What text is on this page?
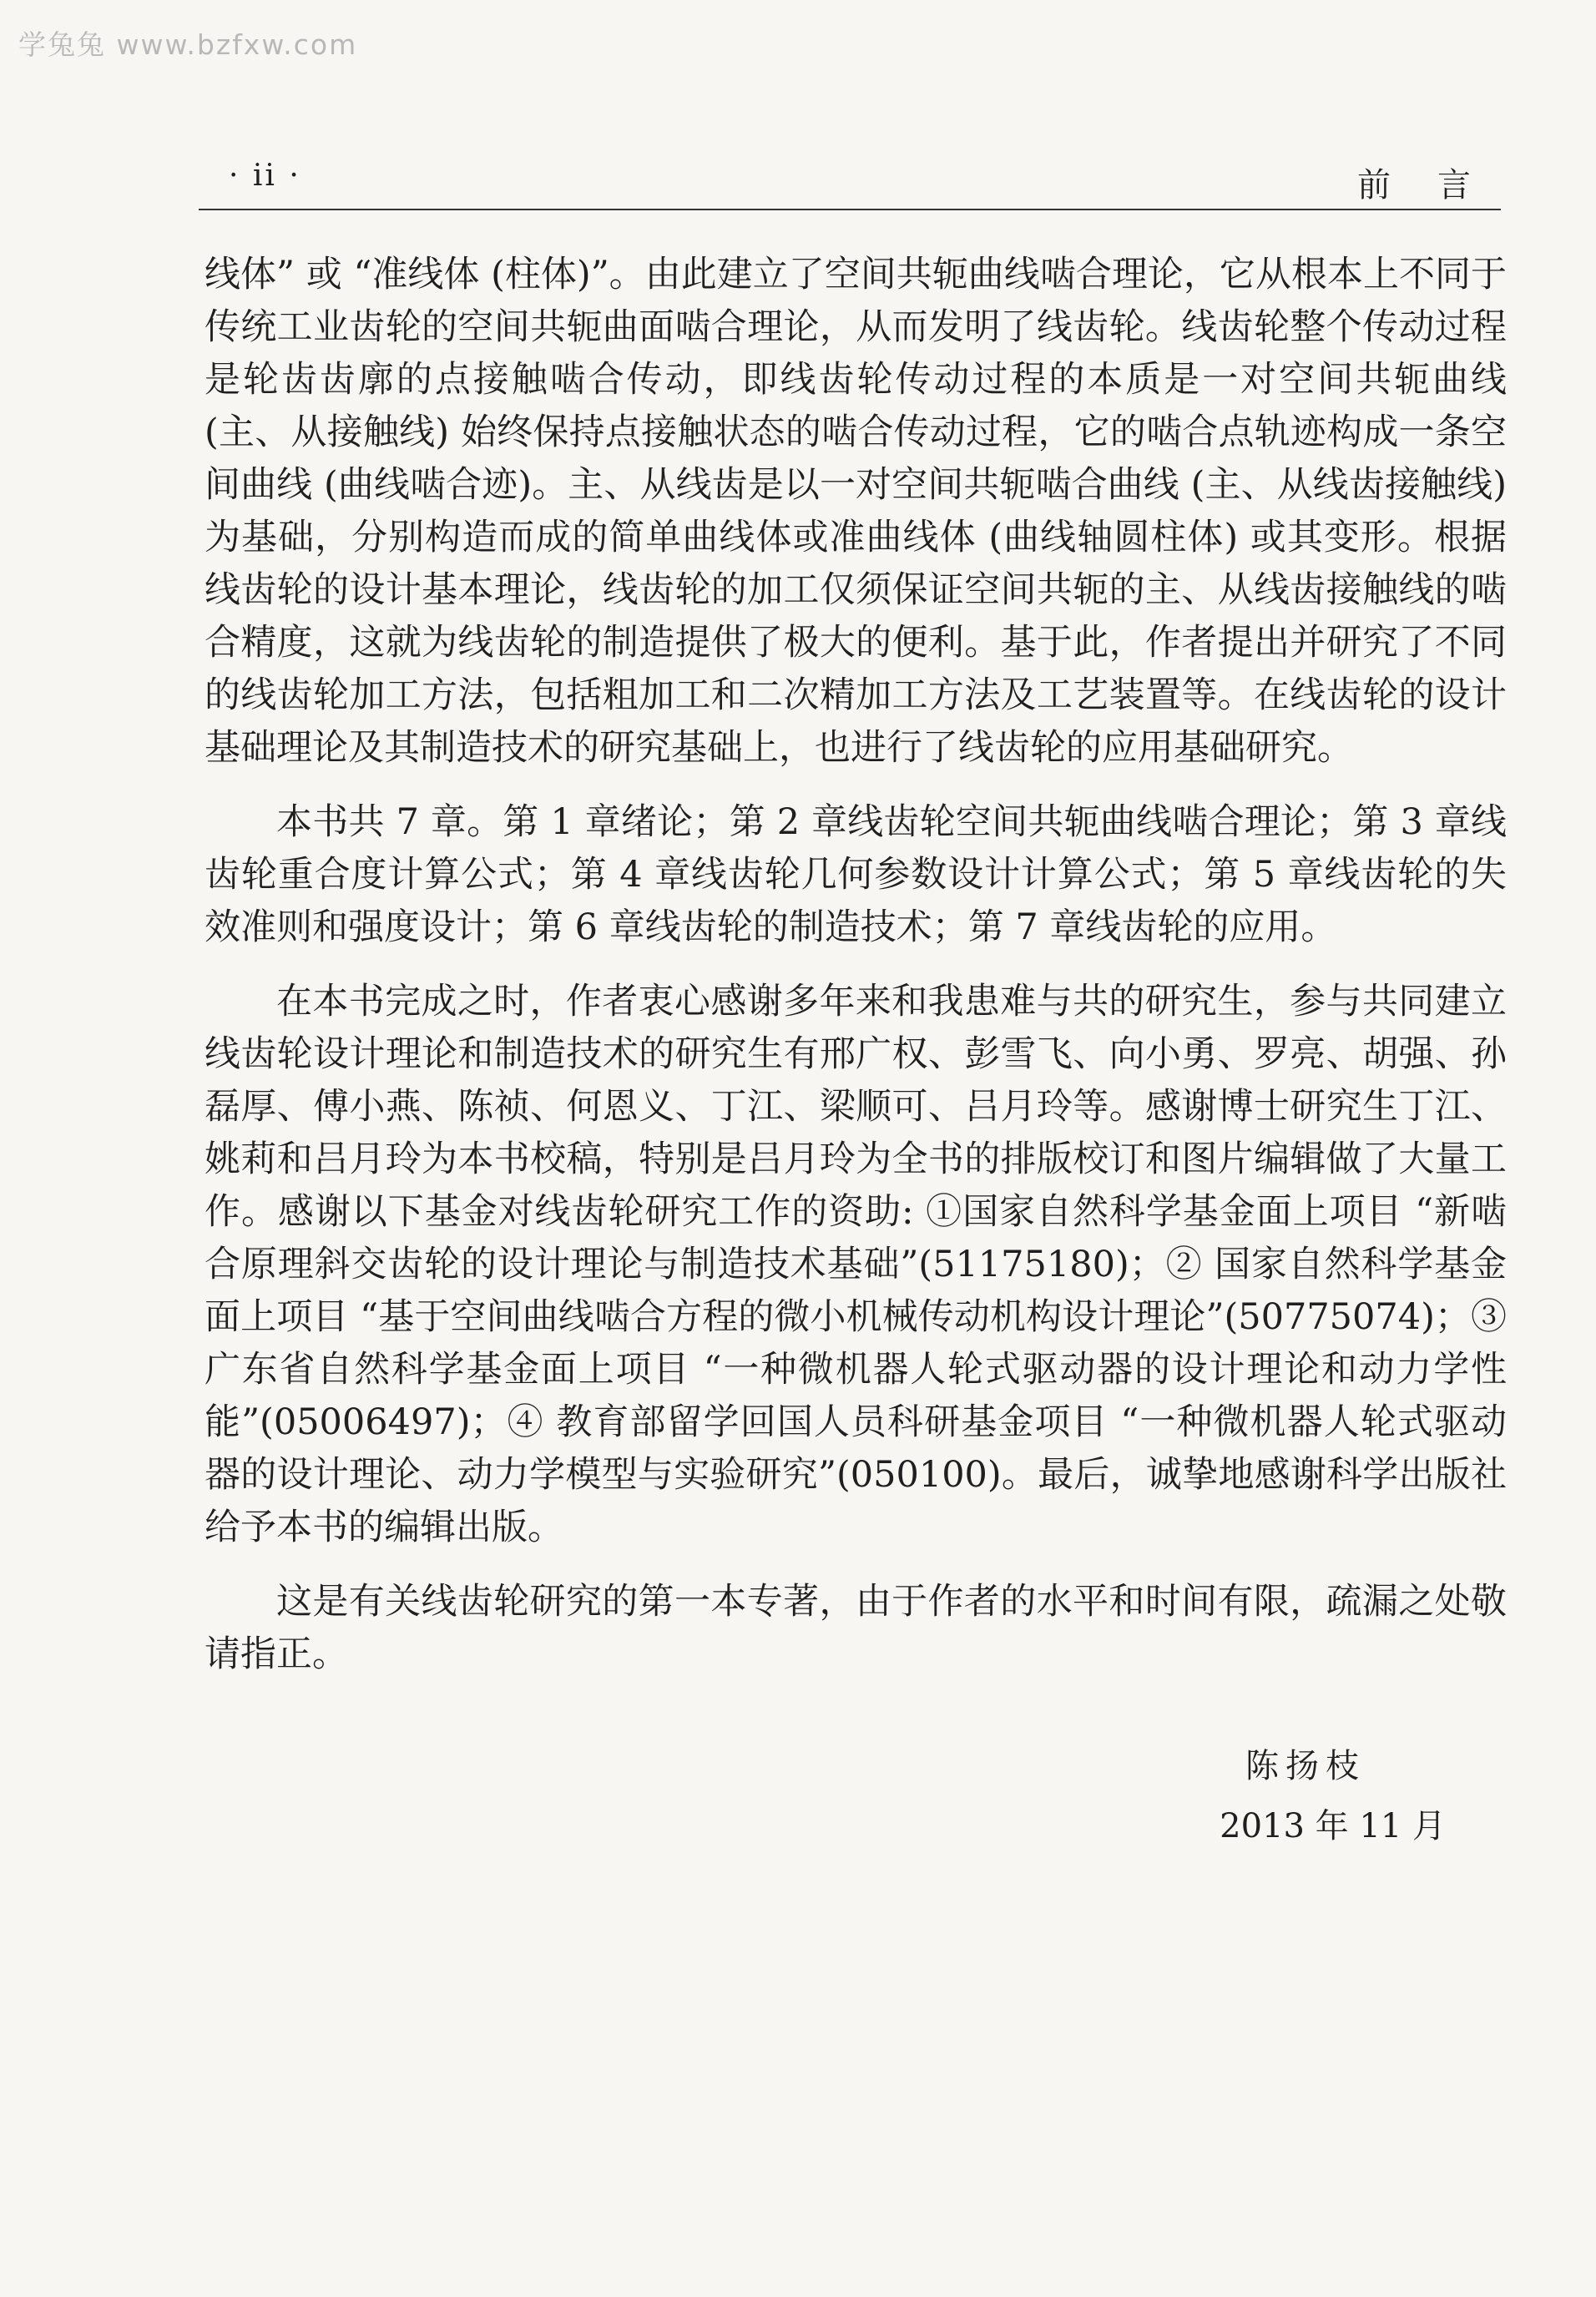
学兔兔 www.bzfxw.com
· ii ·	前言

线体” 或 “准线体 (柱体)”。由此建立了空间共轭曲线啮合理论，它从根本上不同于传统工业齿轮的空间共轭曲面啮合理论，从而发明了线齿轮。线齿轮整个传动过程是轮齿齿廓的点接触啮合传动，即线齿轮传动过程的本质是一对空间共轭曲线 (主、从接触线) 始终保持点接触状态的啮合传动过程，它的啮合点轨迹构成一条空间曲线 (曲线啮合迹)。主、从线齿是以一对空间共轭啮合曲线 (主、从线齿接触线) 为基础，分别构造而成的简单曲线体或准曲线体 (曲线轴圆柱体) 或其变形。根据线齿轮的设计基本理论，线齿轮的加工仅须保证空间共轭的主、从线齿接触线的啮合精度，这就为线齿轮的制造提供了极大的便利。基于此，作者提出并研究了不同的线齿轮加工方法，包括粗加工和二次精加工方法及工艺装置等。在线齿轮的设计基础理论及其制造技术的研究基础上，也进行了线齿轮的应用基础研究。

本书共 7 章。第 1 章绪论；第 2 章线齿轮空间共轭曲线啮合理论；第 3 章线齿轮重合度计算公式；第 4 章线齿轮几何参数设计计算公式；第 5 章线齿轮的失效准则和强度设计；第 6 章线齿轮的制造技术；第 7 章线齿轮的应用。

在本书完成之时，作者衷心感谢多年来和我患难与共的研究生，参与共同建立线齿轮设计理论和制造技术的研究生有邢广权、彭雪飞、向小勇、罗亮、胡强、孙磊厚、傅小燕、陈祯、何恩义、丁江、梁顺可、吕月玲等。感谢博士研究生丁江、姚莉和吕月玲为本书校稿，特别是吕月玲为全书的排版校订和图片编辑做了大量工作。感谢以下基金对线齿轮研究工作的资助: ①国家自然科学基金面上项目 “新啮合原理斜交齿轮的设计理论与制造技术基础”(51175180)；② 国家自然科学基金面上项目 “基于空间曲线啮合方程的微小机械传动机构设计理论”(50775074)；③ 广东省自然科学基金面上项目 “一种微机器人轮式驱动器的设计理论和动力学性能”(05006497)；④ 教育部留学回国人员科研基金项目 “一种微机器人轮式驱动器的设计理论、动力学模型与实验研究”(050100)。最后，诚挚地感谢科学出版社给予本书的编辑出版。

这是有关线齿轮研究的第一本专著，由于作者的水平和时间有限，疏漏之处敬请指正。

陈扬枝
2013 年 11 月
